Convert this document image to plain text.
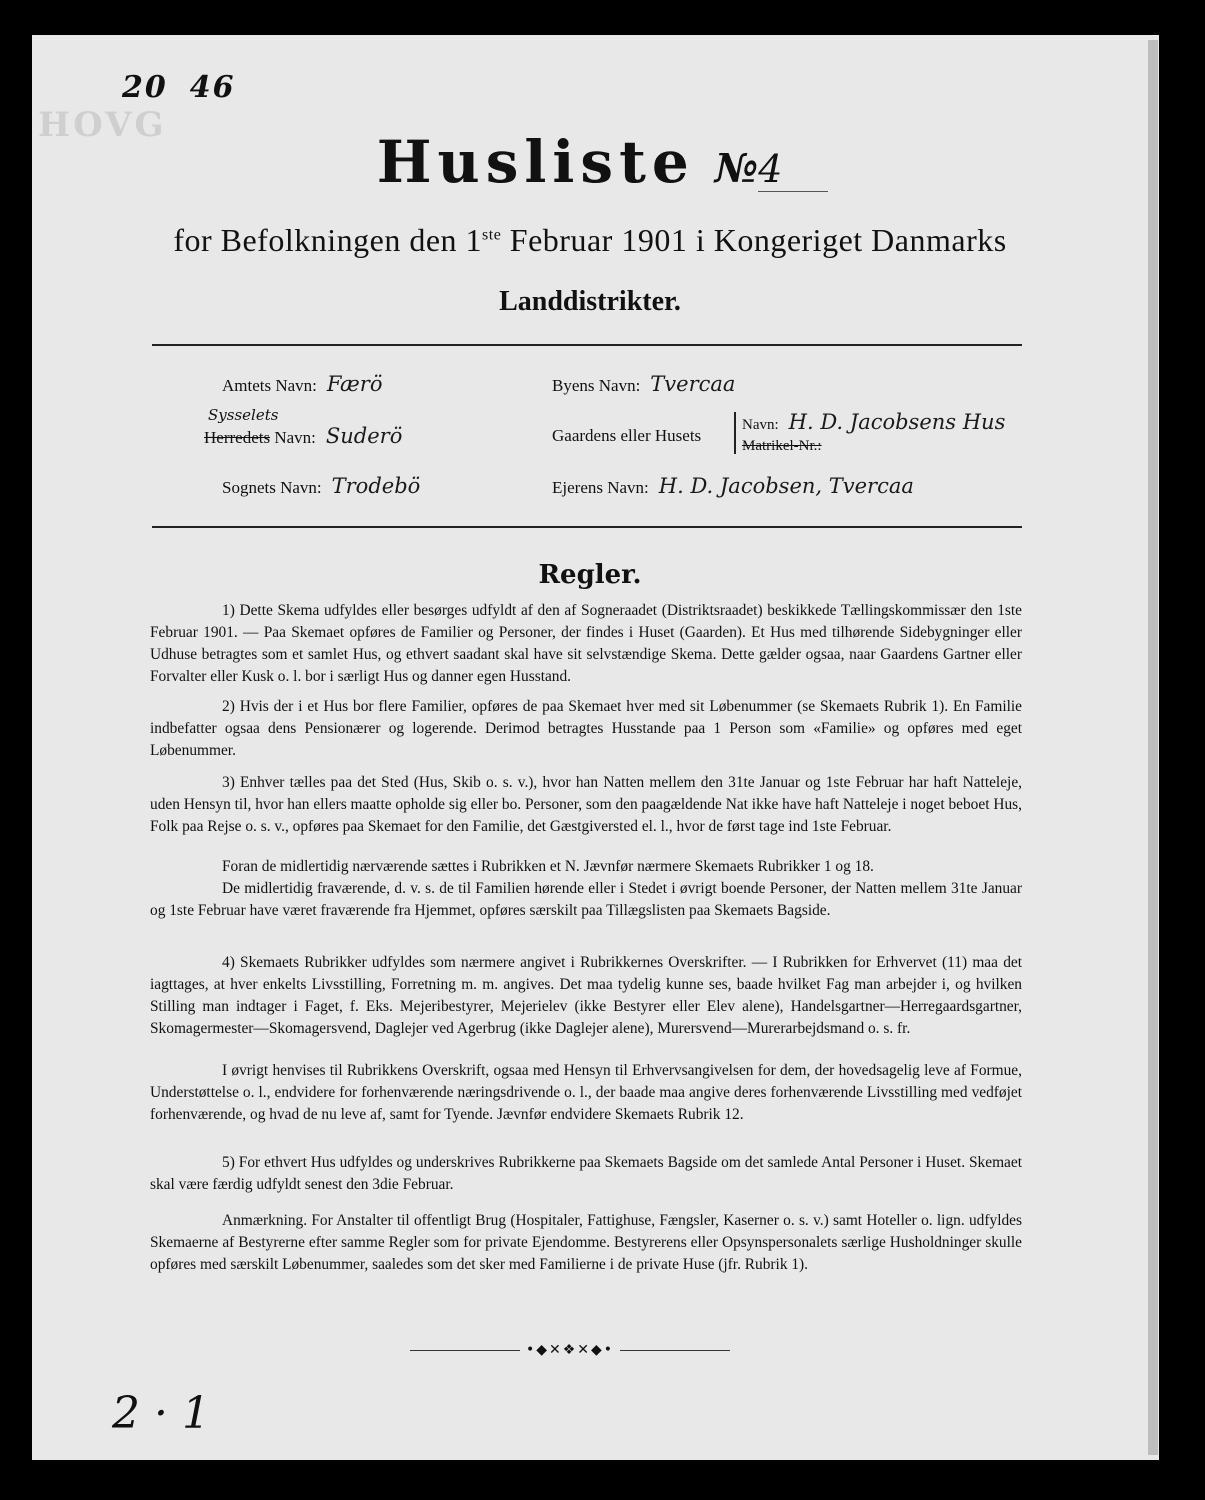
20 46
HOVG
Husliste №4
for Befolkningen den 1ste Februar 1901 i Kongeriget Danmarks
Landdistrikter.
Amtets Navn: Færö
Sysselets
Herredets Navn: Suderö
Sognets Navn: Trodebö
Byens Navn: Tvercaa
Gaardens eller Husets
Navn: H. D. Jacobsens Hus
Matrikel-Nr.:
Ejerens Navn: H. D. Jacobsen, Tvercaa
Regler.

1) Dette Skema udfyldes eller besørges udfyldt af den af Sogneraadet (Distriktsraadet) beskikkede Tællingskommissær den 1ste Februar 1901. — Paa Skemaet opføres de Familier og Personer, der findes i Huset (Gaarden). Et Hus med tilhørende Sidebygninger eller Udhuse betragtes som et samlet Hus, og ethvert saadant skal have sit selvstændige Skema. Dette gælder ogsaa, naar Gaardens Gartner eller Forvalter eller Kusk o. l. bor i særligt Hus og danner egen Husstand.

2) Hvis der i et Hus bor flere Familier, opføres de paa Skemaet hver med sit Løbenummer (se Skemaets Rubrik 1). En Familie indbefatter ogsaa dens Pensionærer og logerende. Derimod betragtes Husstande paa 1 Person som «Familie» og opføres med eget Løbenummer.

3) Enhver tælles paa det Sted (Hus, Skib o. s. v.), hvor han Natten mellem den 31te Januar og 1ste Februar har haft Natteleje, uden Hensyn til, hvor han ellers maatte opholde sig eller bo. Personer, som den paagældende Nat ikke have haft Natteleje i noget beboet Hus, Folk paa Rejse o. s. v., opføres paa Skemaet for den Familie, det Gæstgiversted el. l., hvor de først tage ind 1ste Februar.

Foran de midlertidig nærværende sættes i Rubrikken et N. Jævnfør nærmere Skemaets Rubrikker 1 og 18.

De midlertidig fraværende, d. v. s. de til Familien hørende eller i Stedet i øvrigt boende Personer, der Natten mellem 31te Januar og 1ste Februar have været fraværende fra Hjemmet, opføres særskilt paa Tillægslisten paa Skemaets Bagside.

4) Skemaets Rubrikker udfyldes som nærmere angivet i Rubrikkernes Overskrifter. — I Rubrikken for Erhvervet (11) maa det iagttages, at hver enkelts Livsstilling, Forretning m. m. angives. Det maa tydelig kunne ses, baade hvilket Fag man arbejder i, og hvilken Stilling man indtager i Faget, f. Eks. Mejeribestyrer, Mejerielev (ikke Bestyrer eller Elev alene), Handelsgartner—Herregaardsgartner, Skomagermester—Skomagersvend, Daglejer ved Agerbrug (ikke Daglejer alene), Murersvend—Murerarbejdsmand o. s. fr.

I øvrigt henvises til Rubrikkens Overskrift, ogsaa med Hensyn til Erhvervsangivelsen for dem, der hovedsagelig leve af Formue, Understøttelse o. l., endvidere for forhenværende næringsdrivende o. l., der baade maa angive deres forhenværende Livsstilling med vedføjet forhenværende, og hvad de nu leve af, samt for Tyende. Jævnfør endvidere Skemaets Rubrik 12.

5) For ethvert Hus udfyldes og underskrives Rubrikkerne paa Skemaets Bagside om det samlede Antal Personer i Huset. Skemaet skal være færdig udfyldt senest den 3die Februar.

Anmærkning. For Anstalter til offentligt Brug (Hospitaler, Fattighuse, Fængsler, Kaserner o. s. v.) samt Hoteller o. lign. udfyldes Skemaerne af Bestyrerne efter samme Regler som for private Ejendomme. Bestyrerens eller Opsynspersonalets særlige Husholdninger skulle opføres med særskilt Løbenummer, saaledes som det sker med Familierne i de private Huse (jfr. Rubrik 1).

•◆✕❖✕◆•
2 · 1
